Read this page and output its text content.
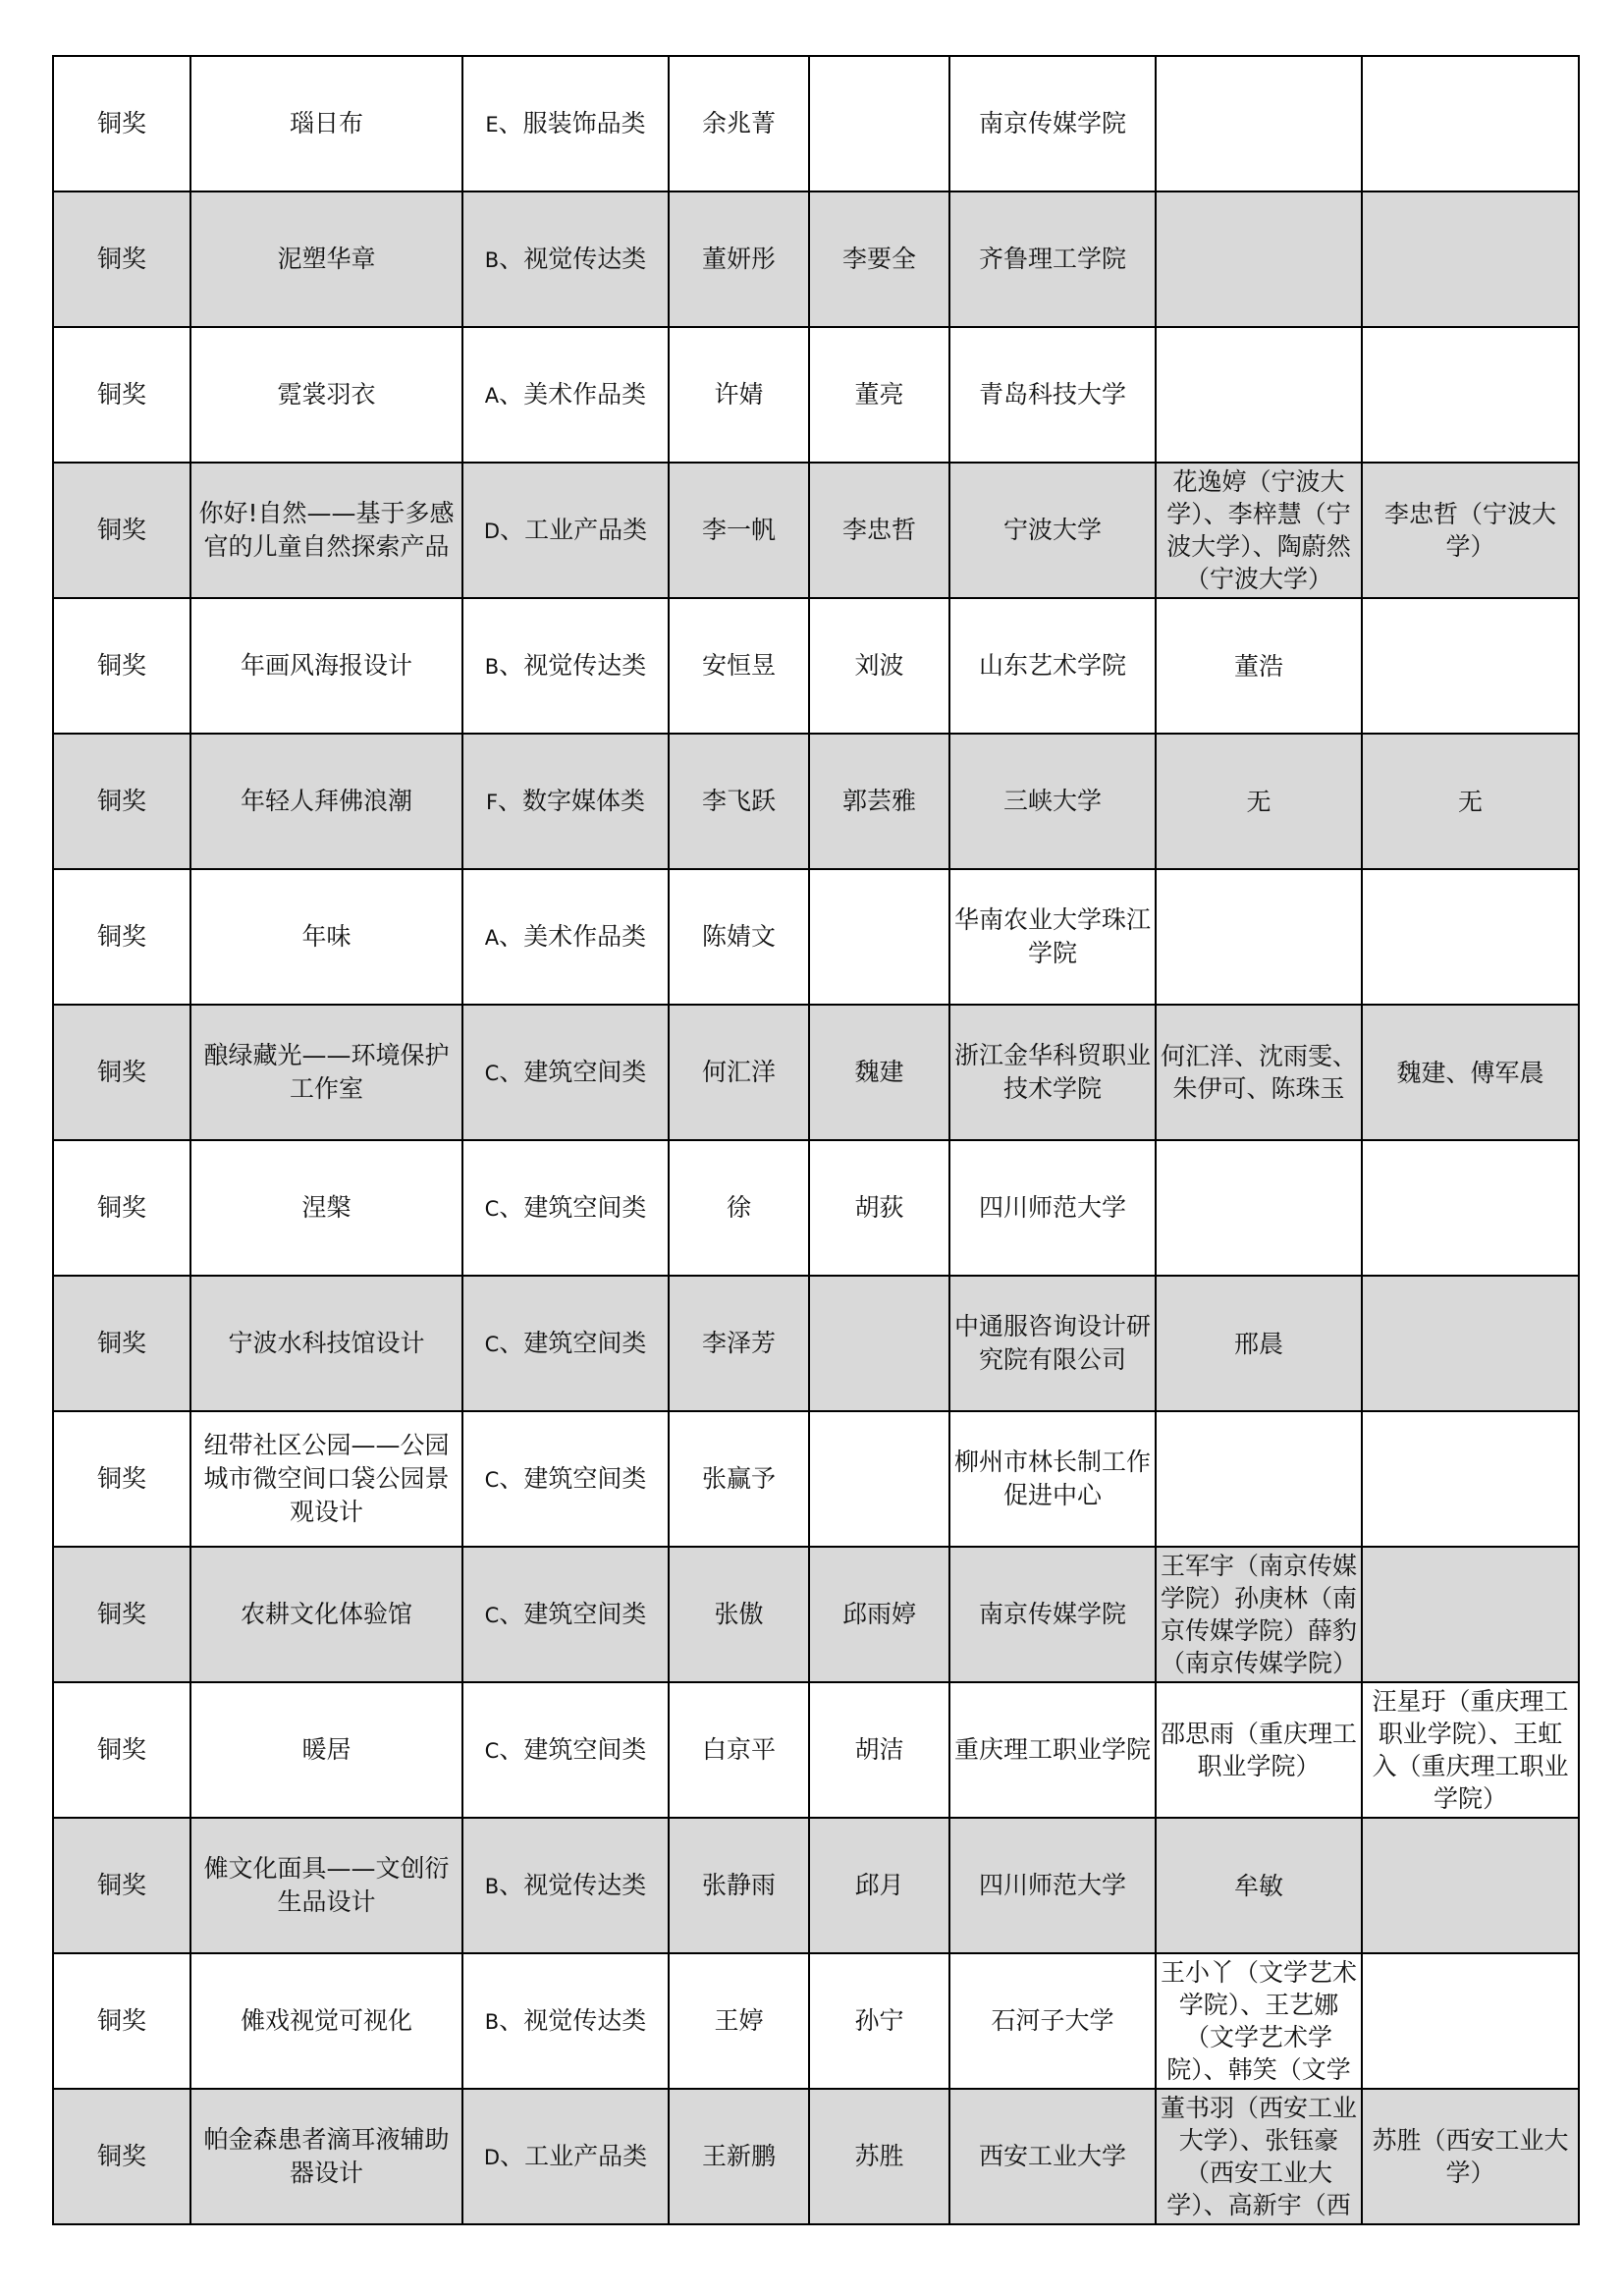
铜奖	瑙日布	E、服装饰品类	余兆菁		南京传媒学院		

铜奖	泥塑华章	B、视觉传达类	董妍彤	李要全	齐鲁理工学院		

铜奖	霓裳羽衣	A、美术作品类	许婧	董亮	青岛科技大学		

铜奖	你好!自然——基于多感官的儿童自然探索产品	D、工业产品类	李一帆	李忠哲	宁波大学	花逸婷（宁波大学）、李梓慧（宁波大学）、陶蔚然（宁波大学）	李忠哲（宁波大学）

铜奖	年画风海报设计	B、视觉传达类	安恒昱	刘波	山东艺术学院	董浩	

铜奖	年轻人拜佛浪潮	F、数字媒体类	李飞跃	郭芸雅	三峡大学	无	无

铜奖	年味	A、美术作品类	陈婧文		华南农业大学珠江学院		

铜奖	酿绿藏光——环境保护工作室	C、建筑空间类	何汇洋	魏建	浙江金华科贸职业技术学院	何汇洋、沈雨雯、朱伊可、陈珠玉	魏建、傅军晨

铜奖	涅槃	C、建筑空间类	徐	胡荻	四川师范大学		

铜奖	宁波水科技馆设计	C、建筑空间类	李泽芳		中通服咨询设计研究院有限公司	邢晨	

铜奖	纽带社区公园——公园城市微空间口袋公园景观设计	C、建筑空间类	张赢予		柳州市林长制工作促进中心		

铜奖	农耕文化体验馆	C、建筑空间类	张傲	邱雨婷	南京传媒学院	王军宇（南京传媒学院）孙庚林（南京传媒学院）薛豹（南京传媒学院）	

铜奖	暖居	C、建筑空间类	白京平	胡洁	重庆理工职业学院	邵思雨（重庆理工职业学院）	汪星玗（重庆理工职业学院）、王虹入（重庆理工职业学院）

铜奖	傩文化面具——文创衍生品设计	B、视觉传达类	张静雨	邱月	四川师范大学	牟敏	

铜奖	傩戏视觉可视化	B、视觉传达类	王婷	孙宁	石河子大学	王小丫（文学艺术学院）、王艺娜（文学艺术学院）、韩笑（文学	

铜奖	帕金森患者滴耳液辅助器设计	D、工业产品类	王新鹏	苏胜	西安工业大学	董书羽（西安工业大学）、张钰豪（西安工业大学）、高新宇（西	苏胜（西安工业大学）
